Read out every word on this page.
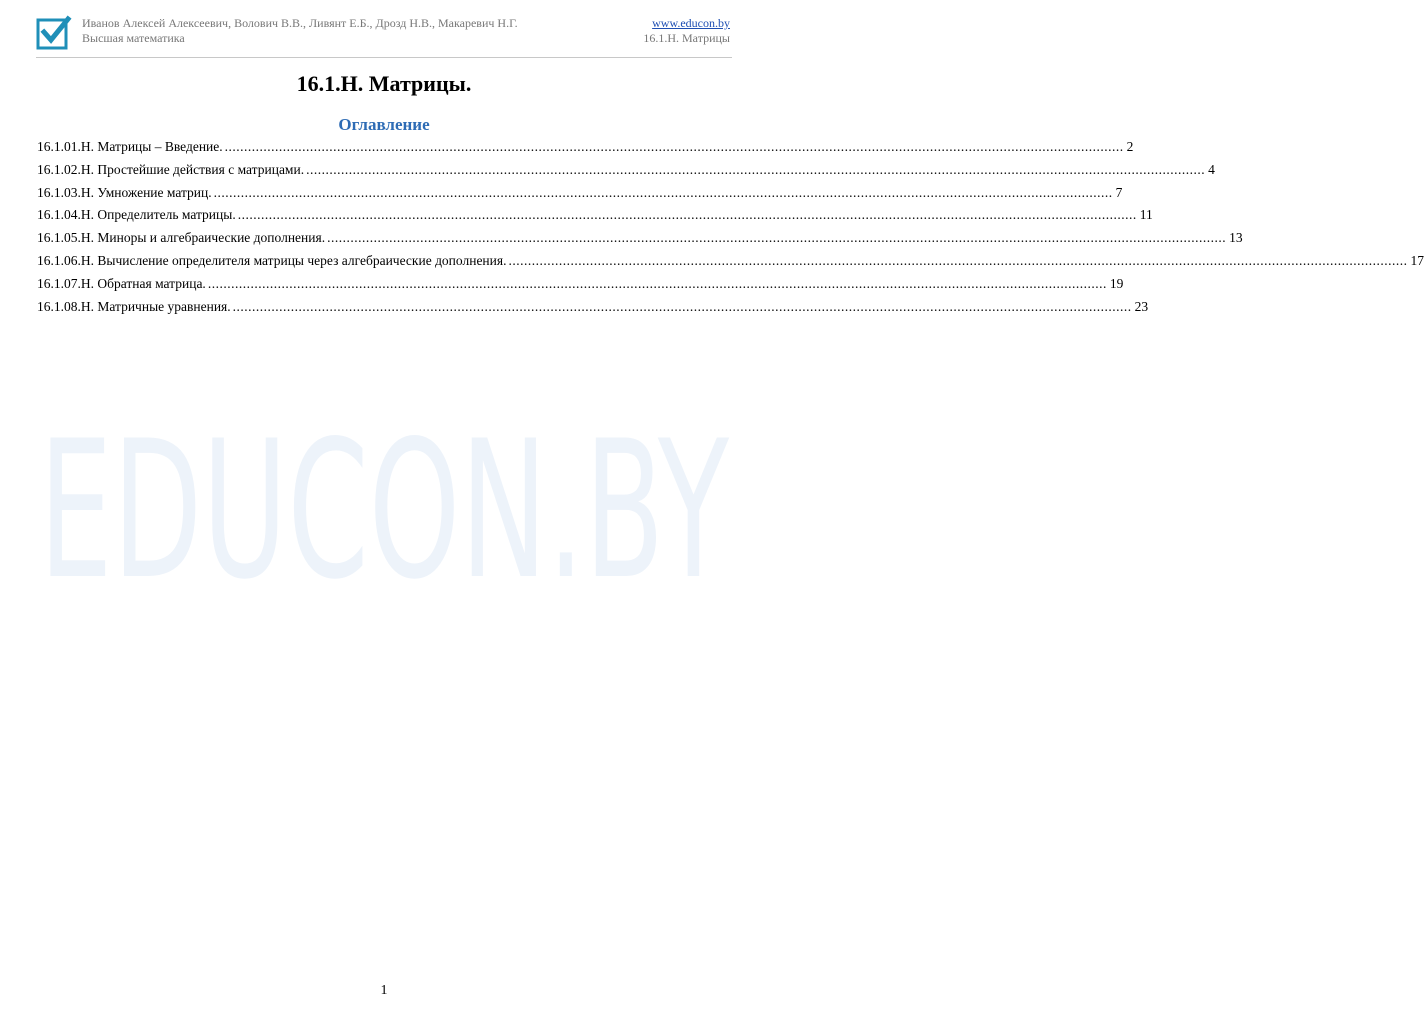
Иванов Алексей Алексеевич, Волович В.В., Ливянт Е.Б., Дрозд Н.В., Макаревич Н.Г.
Высшая математика
www.educon.by
16.1.Н. Матрицы
16.1.Н. Матрицы.
Оглавление
16.1.01.Н. Матрицы – Введение. .....	2
16.1.02.Н. Простейшие действия с матрицами. .....	4
16.1.03.Н. Умножение матриц. .....	7
16.1.04.Н. Определитель матрицы. .....	11
16.1.05.Н. Миноры и алгебраические дополнения. .....	13
16.1.06.Н. Вычисление определителя матрицы через алгебраические дополнения. .....	17
16.1.07.Н. Обратная матрица. .....	19
16.1.08.Н. Матричные уравнения. .....	23
EDUCON.BY
1
